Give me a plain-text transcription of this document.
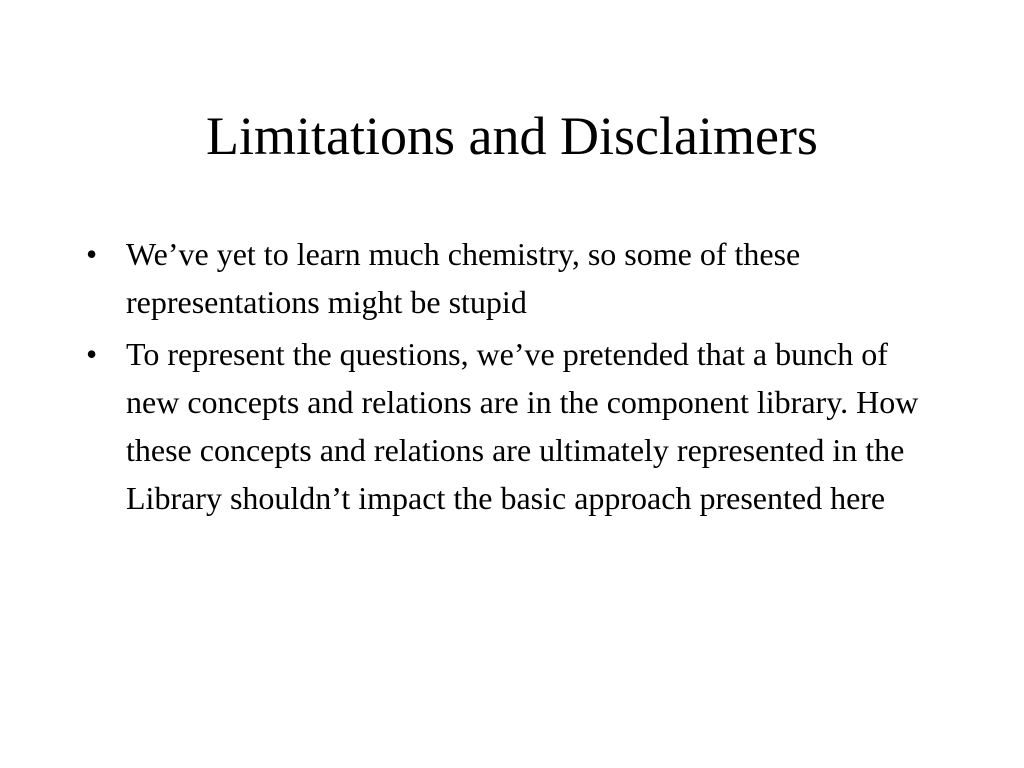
Limitations and Disclaimers
• We’ve yet to learn much chemistry, so some of these representations might be stupid
• To represent the questions, we’ve pretended that a bunch of new concepts and relations are in the component library. How these concepts and relations are ultimately represented in the Library shouldn’t impact the basic approach presented here
